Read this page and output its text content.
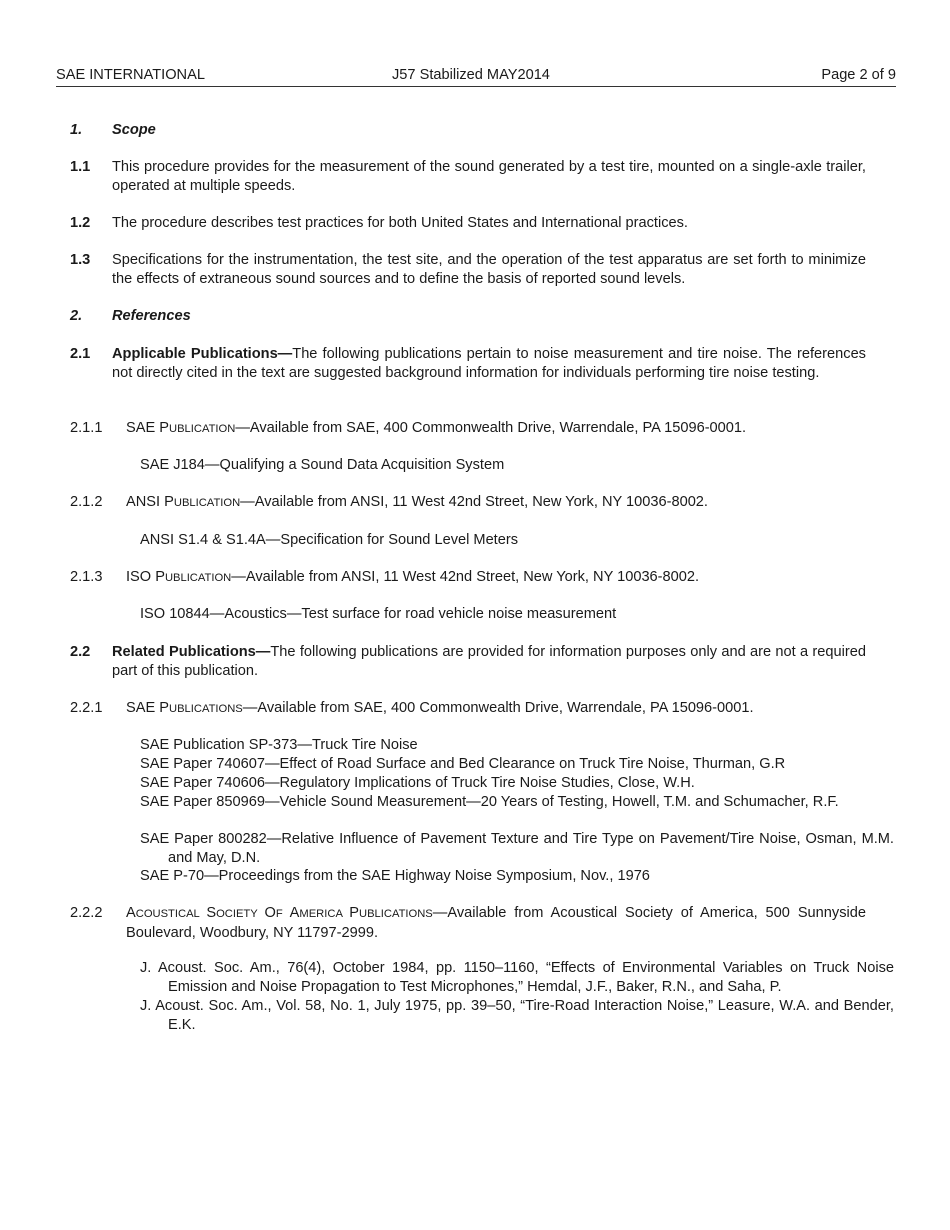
SAE INTERNATIONAL	J57 Stabilized MAY2014	Page 2 of 9
1. Scope
1.1 This procedure provides for the measurement of the sound generated by a test tire, mounted on a single-axle trailer, operated at multiple speeds.
1.2 The procedure describes test practices for both United States and International practices.
1.3 Specifications for the instrumentation, the test site, and the operation of the test apparatus are set forth to minimize the effects of extraneous sound sources and to define the basis of reported sound levels.
2. References
2.1 Applicable Publications—The following publications pertain to noise measurement and tire noise. The references not directly cited in the text are suggested background information for individuals performing tire noise testing.
2.1.1 SAE PUBLICATION—Available from SAE, 400 Commonwealth Drive, Warrendale, PA 15096-0001.
SAE J184—Qualifying a Sound Data Acquisition System
2.1.2 ANSI PUBLICATION—Available from ANSI, 11 West 42nd Street, New York, NY 10036-8002.
ANSI S1.4 & S1.4A—Specification for Sound Level Meters
2.1.3 ISO PUBLICATION—Available from ANSI, 11 West 42nd Street, New York, NY 10036-8002.
ISO 10844—Acoustics—Test surface for road vehicle noise measurement
2.2 Related Publications—The following publications are provided for information purposes only and are not a required part of this publication.
2.2.1 SAE PUBLICATIONS—Available from SAE, 400 Commonwealth Drive, Warrendale, PA 15096-0001.
SAE Publication SP-373—Truck Tire Noise
SAE Paper 740607—Effect of Road Surface and Bed Clearance on Truck Tire Noise, Thurman, G.R
SAE Paper 740606—Regulatory Implications of Truck Tire Noise Studies, Close, W.H.
SAE Paper 850969—Vehicle Sound Measurement—20 Years of Testing, Howell, T.M. and Schumacher, R.F.
SAE Paper 800282—Relative Influence of Pavement Texture and Tire Type on Pavement/Tire Noise, Osman, M.M. and May, D.N.
SAE P-70—Proceedings from the SAE Highway Noise Symposium, Nov., 1976
2.2.2 ACOUSTICAL SOCIETY OF AMERICA PUBLICATIONS—Available from Acoustical Society of America, 500 Sunnyside Boulevard, Woodbury, NY 11797-2999.
J. Acoust. Soc. Am., 76(4), October 1984, pp. 1150–1160, “Effects of Environmental Variables on Truck Noise Emission and Noise Propagation to Test Microphones,” Hemdal, J.F., Baker, R.N., and Saha, P.
J. Acoust. Soc. Am., Vol. 58, No. 1, July 1975, pp. 39–50, “Tire-Road Interaction Noise,” Leasure, W.A. and Bender, E.K.
